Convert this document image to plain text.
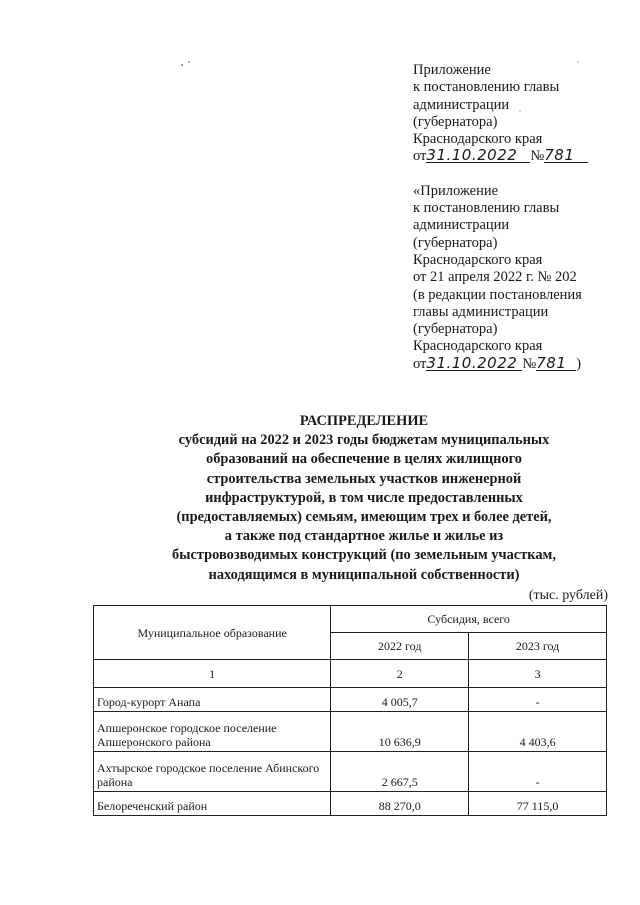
Приложение
к постановлению главы
администрации
(губернатора)
Краснодарского края
от31.10.2022 №781
«Приложение
к постановлению главы
администрации
(губернатора)
Краснодарского края
от 21 апреля 2022 г. № 202
(в редакции постановления
главы администрации
(губернатора)
Краснодарского края
от31.10.2022 №781 )
РАСПРЕДЕЛЕНИЕ
субсидий на 2022 и 2023 годы бюджетам муниципальных
образований на обеспечение в целях жилищного
строительства земельных участков инженерной
инфраструктурой, в том числе предоставленных
(предоставляемых) семьям, имеющим трех и более детей,
а также под стандартное жилье и жилье из
быстровозводимых конструкций (по земельным участкам,
находящимся в муниципальной собственности)
(тыс. рублей)
Муниципальное образование	Субсидия, всего	
	2022 год	2023 год
1	2	3
Город-курорт Анапа	4 005,7	-
Апшеронское городское поселение Апшеронского района	10 636,9	4 403,6
Ахтырское городское поселение Абинского района	2 667,5	-
Белореченский район	88 270,0	77 115,0
